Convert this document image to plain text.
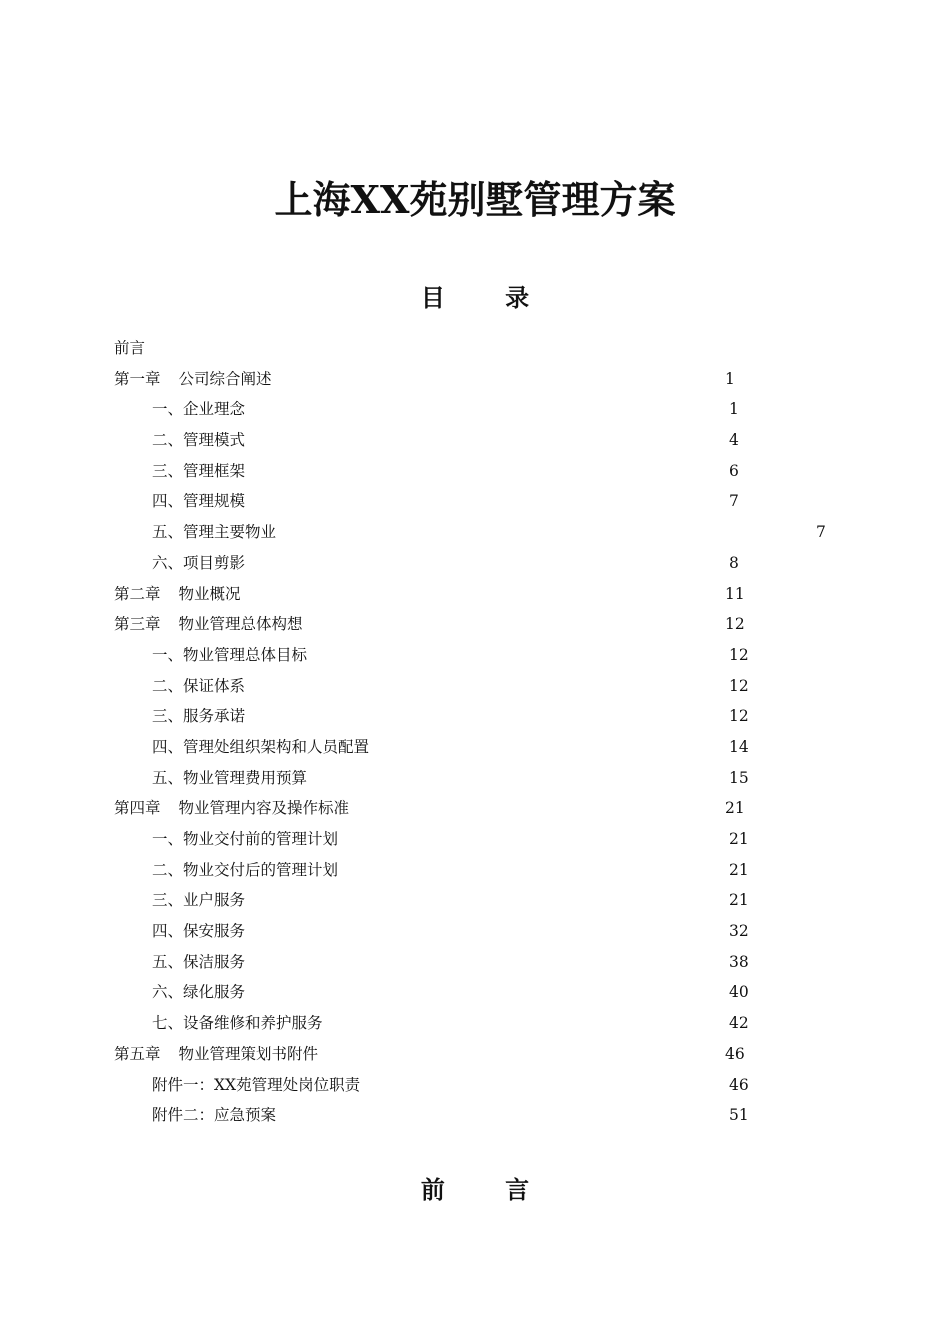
上海XX苑别墅管理方案
目 录
前言
第一章 公司综合阐述	1
一、企业理念	1
二、管理模式	4
三、管理框架	6
四、管理规模	7
五、管理主要物业	7
六、项目剪影	8
第二章 物业概况	11
第三章 物业管理总体构想	12
一、物业管理总体目标	12
二、保证体系	12
三、服务承诺	12
四、管理处组织架构和人员配置	14
五、物业管理费用预算	15
第四章 物业管理内容及操作标准	21
一、物业交付前的管理计划	21
二、物业交付后的管理计划	21
三、业户服务	21
四、保安服务	32
五、保洁服务	38
六、绿化服务	40
七、设备维修和养护服务	42
第五章 物业管理策划书附件	46
附件一：XX苑管理处岗位职责	46
附件二：应急预案	51
前 言
